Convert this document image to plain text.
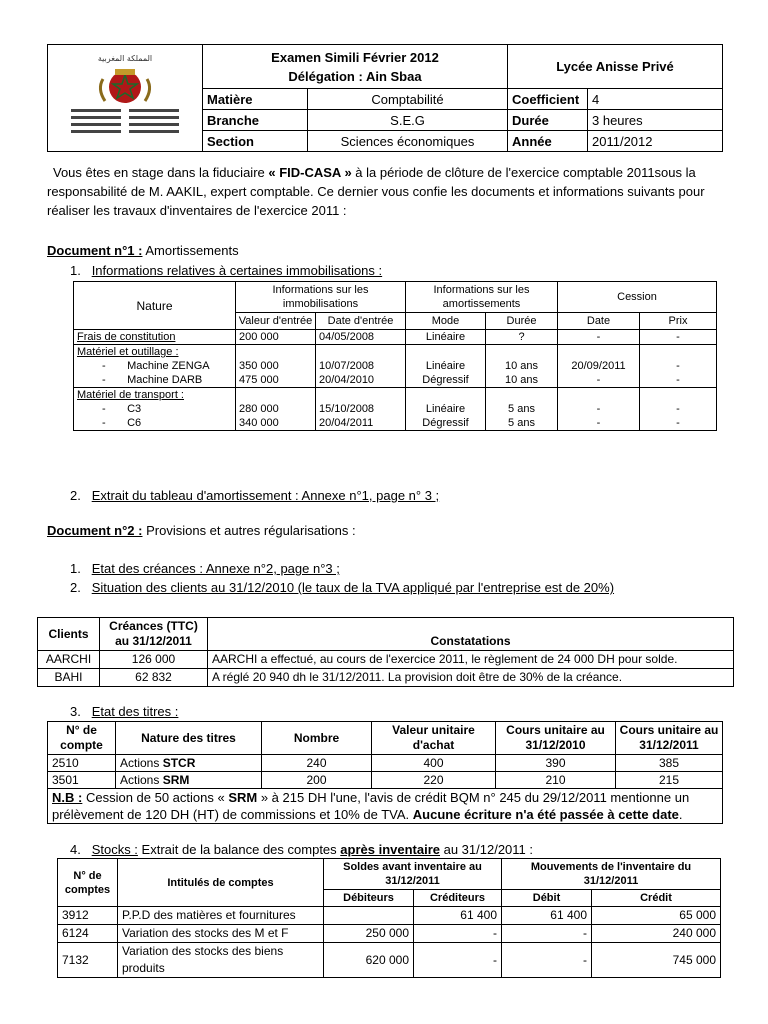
المملكة المغربية	Examen Simili Février 2012
Délégation : Ain Sbaa		Lycée Anisse Privé	

	Matière	Comptabilité	Coefficient	4
	Branche	S.E.G	Durée	3 heures
	Section	Sciences économiques	Année	2011/2012
Vous êtes en stage dans la fiduciaire « FID-CASA » à la période de clôture de l'exercice comptable 2011sous la responsabilité de M. AAKIL, expert comptable. Ce dernier vous confie les documents et informations suivants pour réaliser les travaux d'inventaires de l'exercice 2011 :
Document n°1 : Amortissements
1.   Informations relatives à certaines immobilisations :
Nature	Informations sur les immobilisations		Informations sur les amortissements		Cession	
	Valeur d'entrée	Date d'entrée	Mode	Durée	Date	Prix
Frais de constitution	200 000	04/05/2008	Linéaire	?	-	-
Matériel et outillage :						
-       Machine ZENGA	350 000	10/07/2008	Linéaire	10 ans	20/09/2011	-
-       Machine DARB	475 000	20/04/2010	Dégressif	10 ans	-	-
Matériel de transport :						
-       C3	280 000	15/10/2008	Linéaire	5 ans	-	-
-       C6	340 000	20/04/2011	Dégressif	5 ans	-	-
2.   Extrait du tableau d'amortissement : Annexe n°1, page n° 3 ;
Document n°2 : Provisions et autres régularisations :
1.   Etat des créances : Annexe n°2, page n°3 ;
2.   Situation des clients au 31/12/2010 (le taux de la TVA appliqué par l'entreprise est de 20%)
Clients	Créances (TTC) au 31/12/2011	Constatations
AARCHI	126 000	AARCHI a effectué, au cours de l'exercice 2011, le règlement de 24 000 DH pour solde.
BAHI	62 832	A réglé 20 940 dh le 31/12/2011. La provision doit être de 30% de la créance.
3.   Etat des titres :
N° de compte	Nature des titres	Nombre	Valeur unitaire d'achat	Cours unitaire au 31/12/2010	Cours unitaire au 31/12/2011
2510	Actions STCR	240	400	390	385
3501	Actions SRM	200	220	210	215
N.B : Cession de 50 actions « SRM » à 215 DH l'une, l'avis de crédit BQM n° 245 du 29/12/2011 mentionne un prélèvement de 120 DH (HT) de commissions et 10% de TVA. Aucune écriture n'a été passée à cette date.					
4.   Stocks : Extrait de la balance des comptes après inventaire au 31/12/2011 :
N° de comptes	Intitulés de comptes	Soldes avant inventaire au 31/12/2011		Mouvements de l'inventaire du 31/12/2011	
		Débiteurs	Créditeurs	Débit	Crédit
3912	P.P.D des matières et fournitures		61 400	61 400	65 000
6124	Variation des stocks des M et F	250 000	-	-	240 000
7132	Variation des stocks des biens produits	620 000	-	-	745 000
